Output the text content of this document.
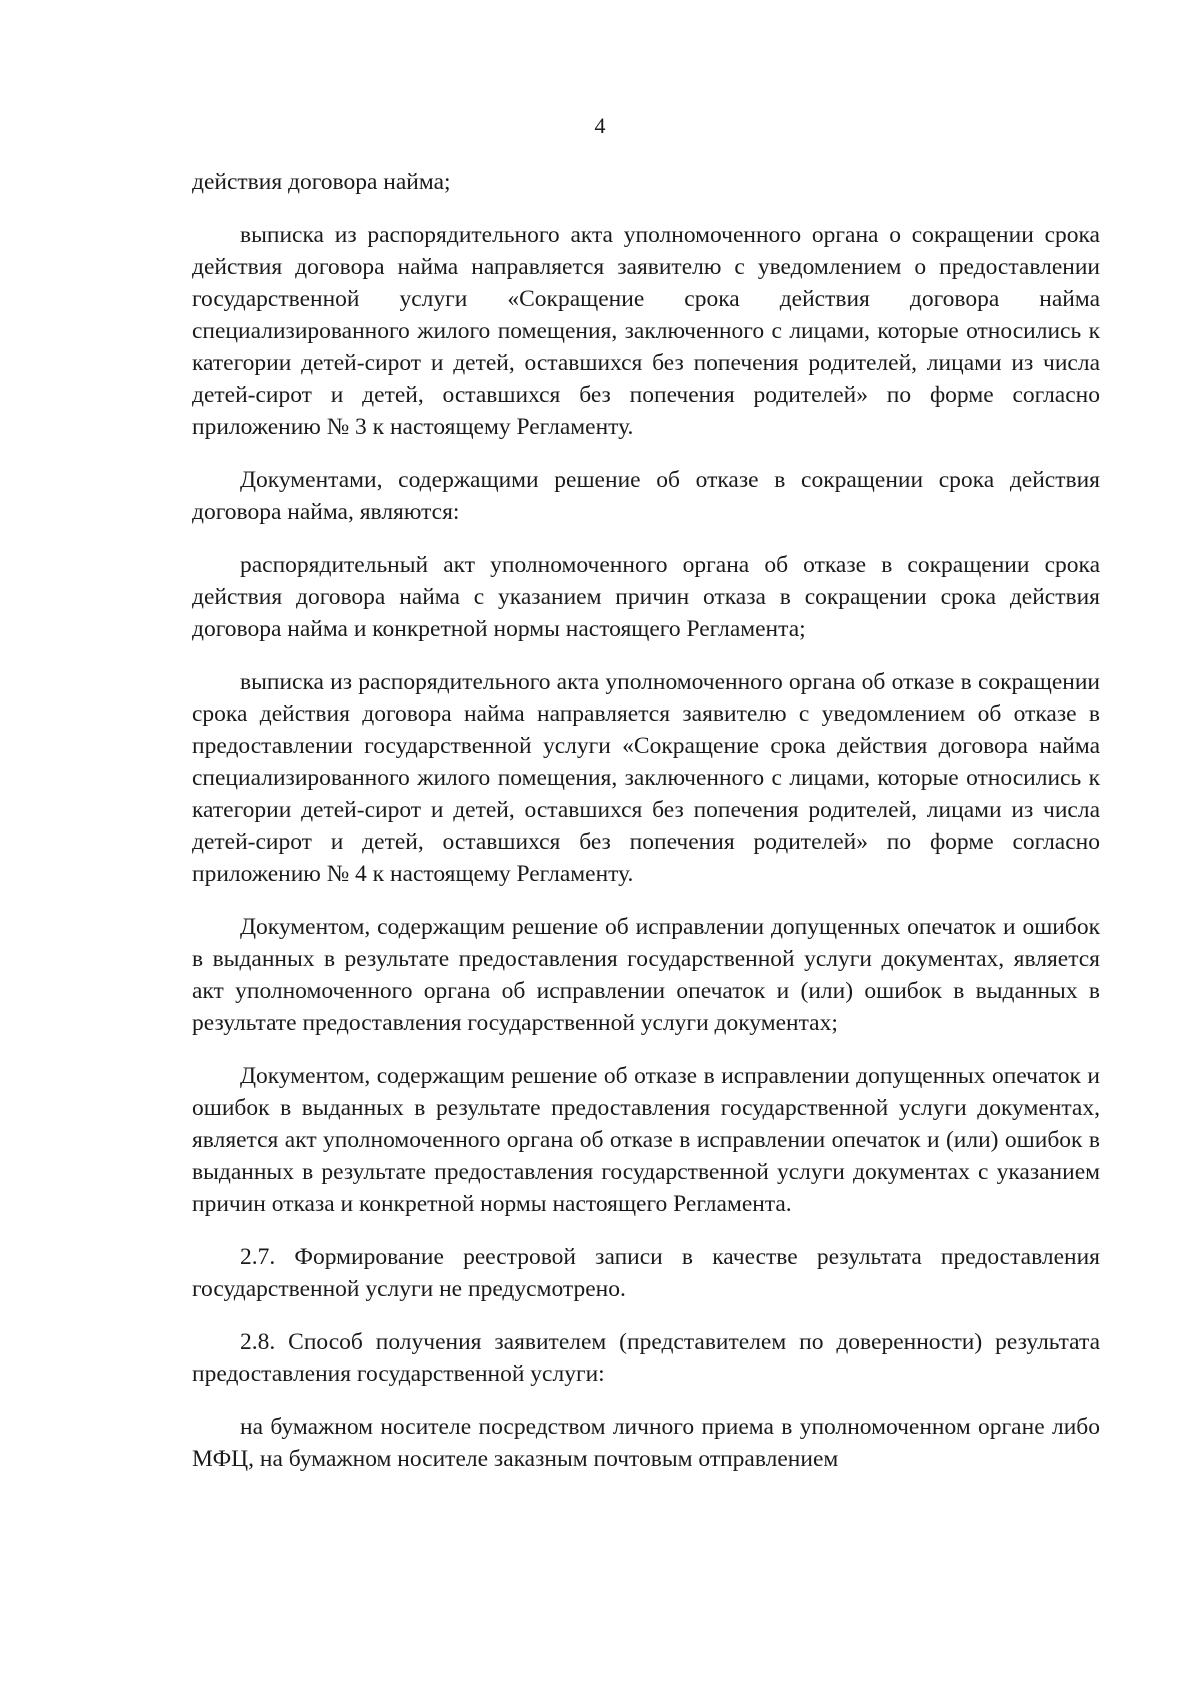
4

действия договора найма;

выписка из распорядительного акта уполномоченного органа о сокращении срока действия договора найма направляется заявителю с уведомлением о предоставлении государственной услуги «Сокращение срока действия договора найма специализированного жилого помещения, заключенного с лицами, которые относились к категории детей-сирот и детей, оставшихся без попечения родителей, лицами из числа детей-сирот и детей, оставшихся без попечения родителей» по форме согласно приложению № 3 к настоящему Регламенту.

Документами, содержащими решение об отказе в сокращении срока действия договора найма, являются:

распорядительный акт уполномоченного органа об отказе в сокращении срока действия договора найма с указанием причин отказа в сокращении срока действия договора найма и конкретной нормы настоящего Регламента;

выписка из распорядительного акта уполномоченного органа об отказе в сокращении срока действия договора найма направляется заявителю с уведомлением об отказе в предоставлении государственной услуги «Сокращение срока действия договора найма специализированного жилого помещения, заключенного с лицами, которые относились к категории детей-сирот и детей, оставшихся без попечения родителей, лицами из числа детей-сирот и детей, оставшихся без попечения родителей» по форме согласно приложению № 4 к настоящему Регламенту.

Документом, содержащим решение об исправлении допущенных опечаток и ошибок в выданных в результате предоставления государственной услуги документах, является акт уполномоченного органа об исправлении опечаток и (или) ошибок в выданных в результате предоставления государственной услуги документах;

Документом, содержащим решение об отказе в исправлении допущенных опечаток и ошибок в выданных в результате предоставления государственной услуги документах, является акт уполномоченного органа об отказе в исправлении опечаток и (или) ошибок в выданных в результате предоставления государственной услуги документах с указанием причин отказа и конкретной нормы настоящего Регламента.

2.7. Формирование реестровой записи в качестве результата предоставления государственной услуги не предусмотрено.

2.8. Способ получения заявителем (представителем по доверенности) результата предоставления государственной услуги:

на бумажном носителе посредством личного приема в уполномоченном органе либо МФЦ, на бумажном носителе заказным почтовым отправлением
